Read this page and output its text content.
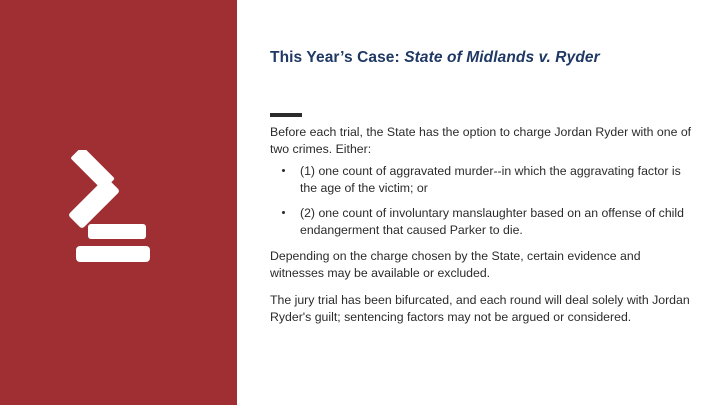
This Year’s Case: State of Midlands v. Ryder

Before each trial, the State has the option to charge Jordan Ryder with one of two crimes. Either:

(1) one count of aggravated murder--in which the aggravating factor is the age of the victim; or
(2) one count of involuntary manslaughter based on an offense of child endangerment that caused Parker to die.

Depending on the charge chosen by the State, certain evidence and witnesses may be available or excluded.

The jury trial has been bifurcated, and each round will deal solely with Jordan Ryder's guilt; sentencing factors may not be argued or considered.
